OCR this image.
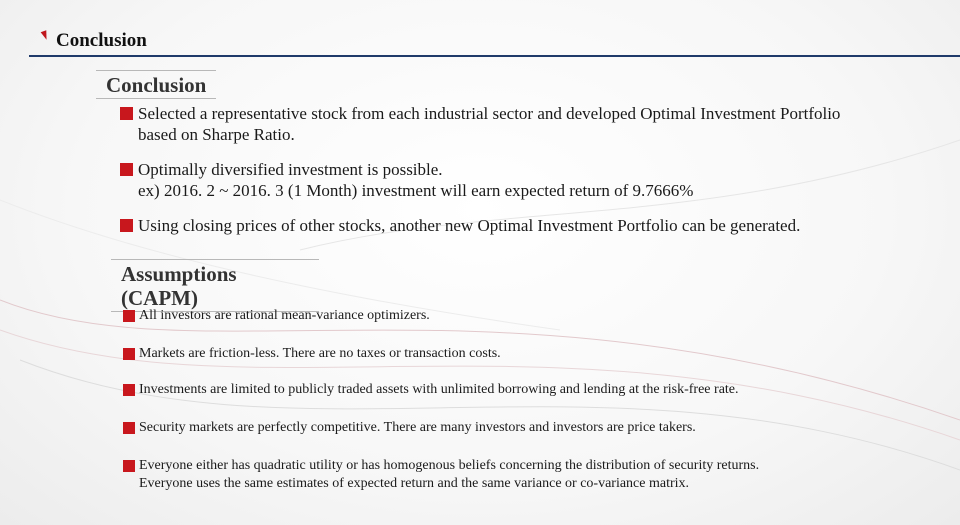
Conclusion
Conclusion
Selected a representative stock from each industrial sector and developed Optimal Investment Portfolio
based on Sharpe Ratio.
Optimally diversified investment is possible.
ex) 2016. 2 ~ 2016. 3 (1 Month) investment will earn expected return of 9.7666%
Using closing prices of other stocks, another new Optimal Investment Portfolio can be generated.
Assumptions (CAPM)
All investors are rational mean-variance optimizers.
Markets are friction-less. There are no taxes or transaction costs.
Investments are limited to publicly traded assets with unlimited borrowing and lending at the risk-free rate.
Security markets are perfectly competitive. There are many investors and investors are price takers.
Everyone either has quadratic utility or has homogenous beliefs concerning the distribution of security returns.
Everyone uses the same estimates of expected return and the same variance or co-variance matrix.
